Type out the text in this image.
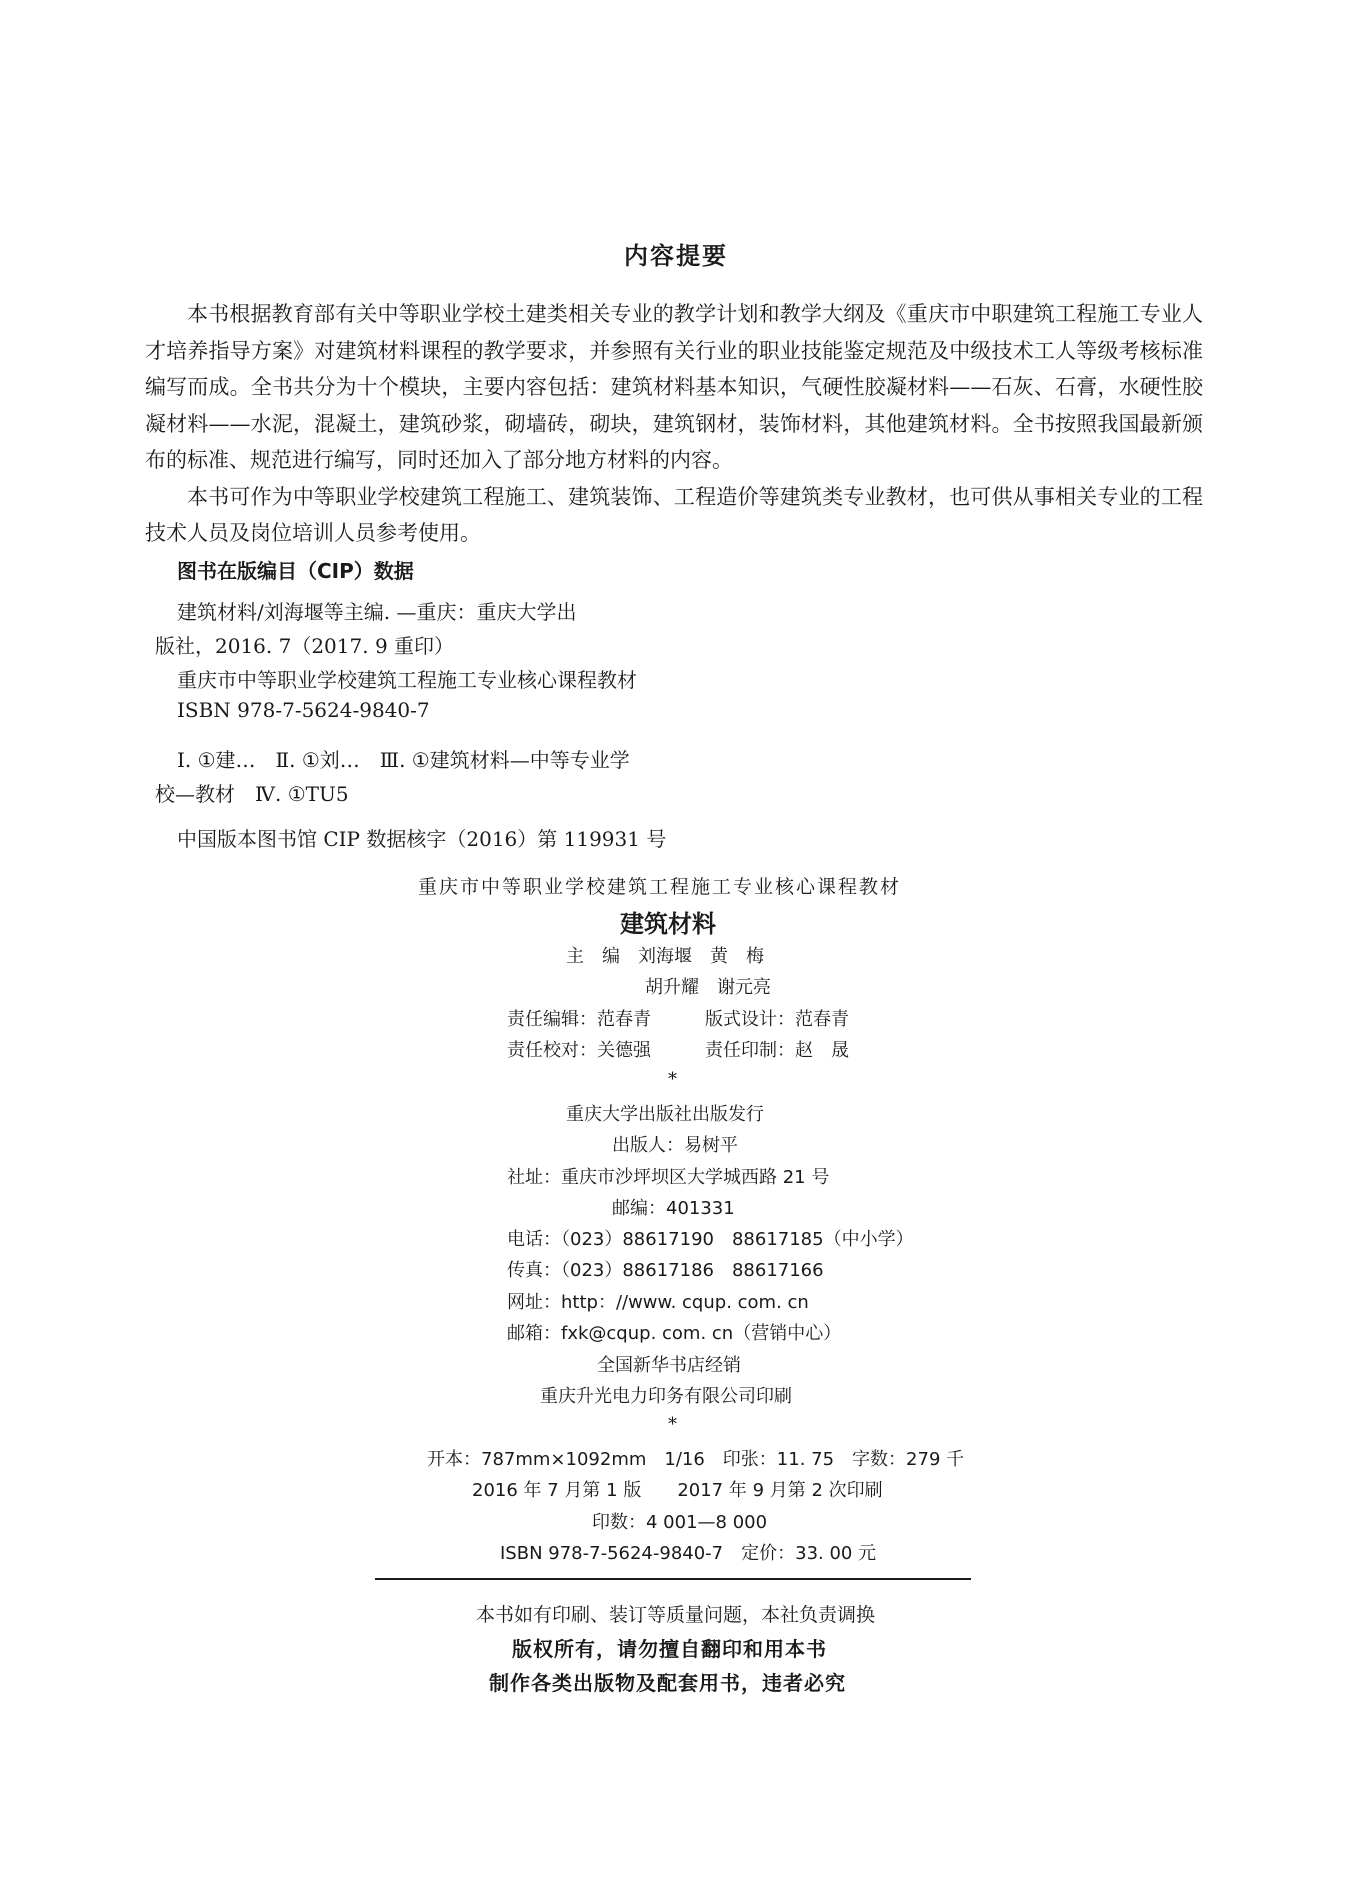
内容提要

本书根据教育部有关中等职业学校土建类相关专业的教学计划和教学大纲及《重庆市中职建筑工程施工专业人才培养指导方案》对建筑材料课程的教学要求，并参照有关行业的职业技能鉴定规范及中级技术工人等级考核标准编写而成。全书共分为十个模块，主要内容包括：建筑材料基本知识，气硬性胶凝材料——石灰、石膏，水硬性胶凝材料——水泥，混凝土，建筑砂浆，砌墙砖，砌块，建筑钢材，装饰材料，其他建筑材料。全书按照我国最新颁布的标准、规范进行编写，同时还加入了部分地方材料的内容。

本书可作为中等职业学校建筑工程施工、建筑装饰、工程造价等建筑类专业教材，也可供从事相关专业的工程技术人员及岗位培训人员参考使用。

图书在版编目（CIP）数据
建筑材料/刘海堰等主编. —重庆：重庆大学出
版社，2016. 7（2017. 9 重印）
重庆市中等职业学校建筑工程施工专业核心课程教材
ISBN 978-7-5624-9840-7
Ⅰ. ①建…　Ⅱ. ①刘…　Ⅲ. ①建筑材料—中等专业学
校—教材　Ⅳ. ①TU5
中国版本图书馆 CIP 数据核字（2016）第 119931 号
重庆市中等职业学校建筑工程施工专业核心课程教材
建筑材料
主　编　刘海堰　黄　梅
胡升耀　谢元亮
责任编辑：范春青　　　版式设计：范春青
责任校对：关德强　　　责任印制：赵　晟
*
重庆大学出版社出版发行
出版人：易树平
社址：重庆市沙坪坝区大学城西路 21 号
邮编：401331
电话：（023）88617190　88617185（中小学）
传真：（023）88617186　88617166
网址：http：//www. cqup. com. cn
邮箱：fxk@cqup. com. cn（营销中心）
全国新华书店经销
重庆升光电力印务有限公司印刷
*
开本：787mm×1092mm　1/16　印张：11. 75　字数：279 千
2016 年 7 月第 1 版　　2017 年 9 月第 2 次印刷
印数：4 001—8 000
ISBN 978-7-5624-9840-7　定价：33. 00 元
本书如有印刷、装订等质量问题，本社负责调换
版权所有，请勿擅自翻印和用本书
制作各类出版物及配套用书，违者必究
